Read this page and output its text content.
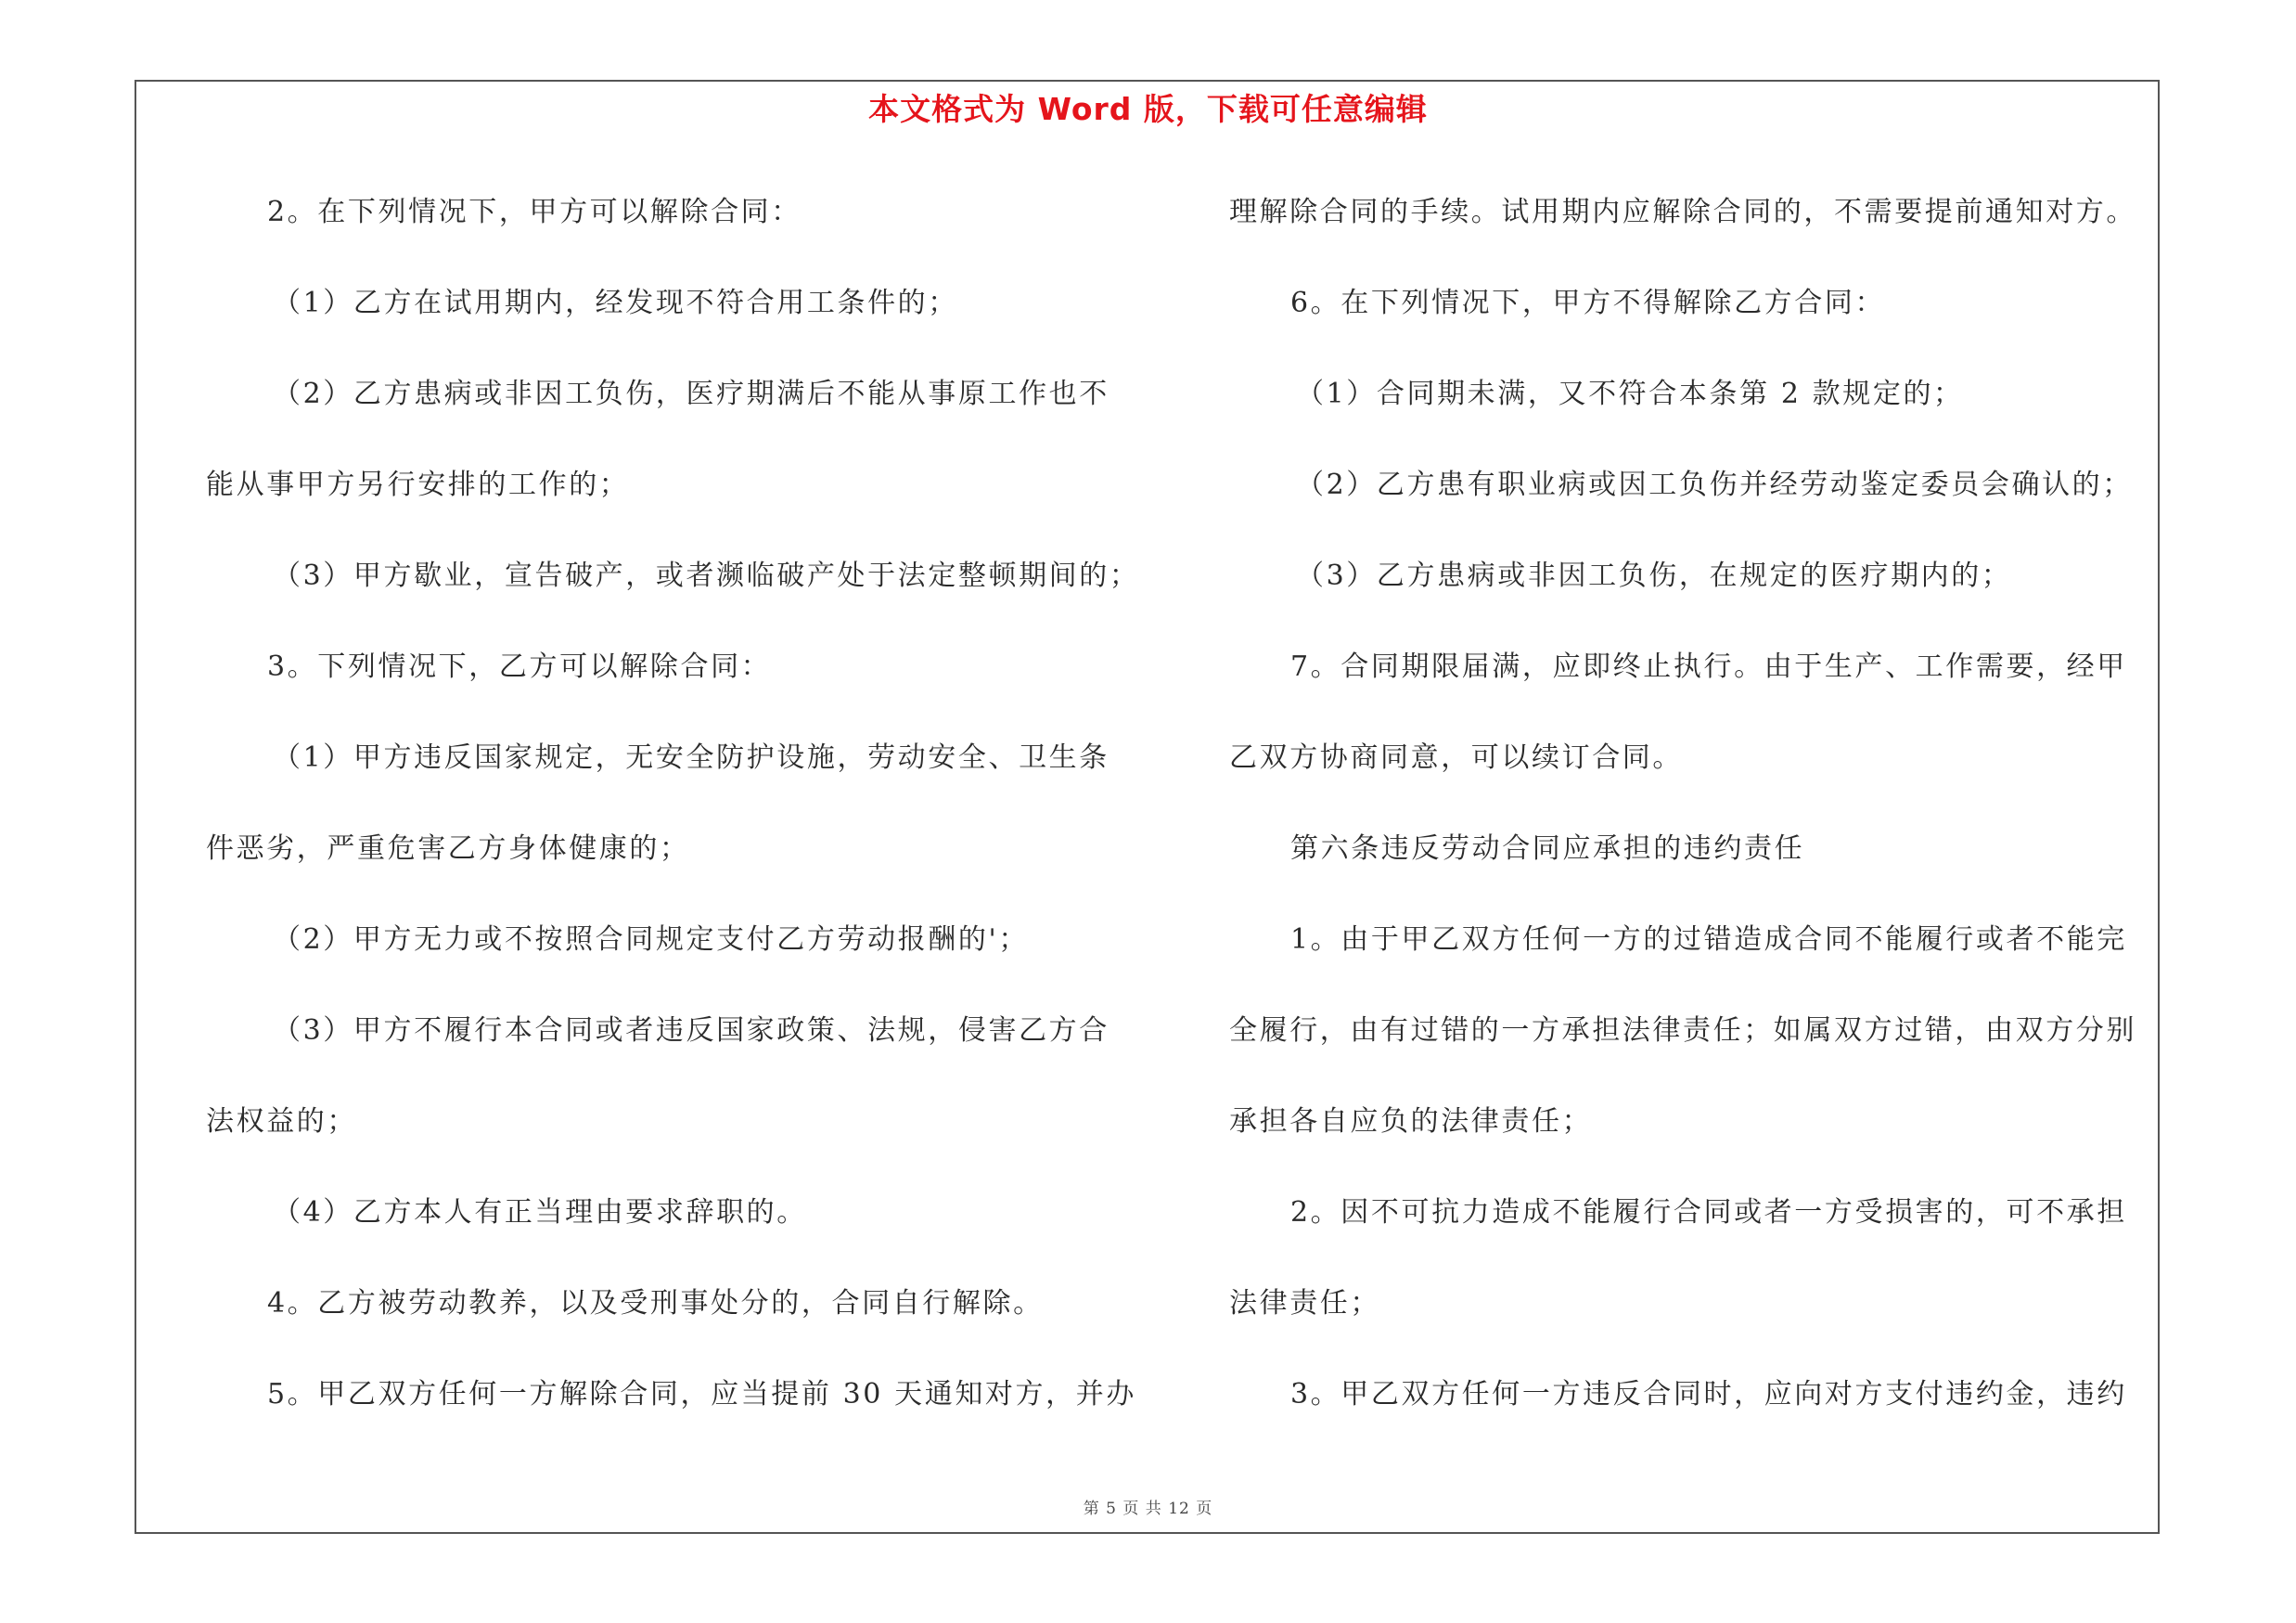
本文格式为 Word 版，下载可任意编辑
2。在下列情况下，甲方可以解除合同：
（1）乙方在试用期内，经发现不符合用工条件的；
（2）乙方患病或非因工负伤，医疗期满后不能从事原工作也不
能从事甲方另行安排的工作的；
（3）甲方歇业，宣告破产，或者濒临破产处于法定整顿期间的；
3。下列情况下，乙方可以解除合同：
（1）甲方违反国家规定，无安全防护设施，劳动安全、卫生条
件恶劣，严重危害乙方身体健康的；
（2）甲方无力或不按照合同规定支付乙方劳动报酬的'；
（3）甲方不履行本合同或者违反国家政策、法规，侵害乙方合
法权益的；
（4）乙方本人有正当理由要求辞职的。
4。乙方被劳动教养，以及受刑事处分的，合同自行解除。
5。甲乙双方任何一方解除合同，应当提前 30 天通知对方，并办
理解除合同的手续。试用期内应解除合同的，不需要提前通知对方。
6。在下列情况下，甲方不得解除乙方合同：
（1）合同期未满，又不符合本条第 2 款规定的；
（2）乙方患有职业病或因工负伤并经劳动鉴定委员会确认的；
（3）乙方患病或非因工负伤，在规定的医疗期内的；
7。合同期限届满，应即终止执行。由于生产、工作需要，经甲
乙双方协商同意，可以续订合同。
第六条违反劳动合同应承担的违约责任
1。由于甲乙双方任何一方的过错造成合同不能履行或者不能完
全履行，由有过错的一方承担法律责任；如属双方过错，由双方分别
承担各自应负的法律责任；
2。因不可抗力造成不能履行合同或者一方受损害的，可不承担
法律责任；
3。甲乙双方任何一方违反合同时，应向对方支付违约金，违约
第 5 页 共 12 页
